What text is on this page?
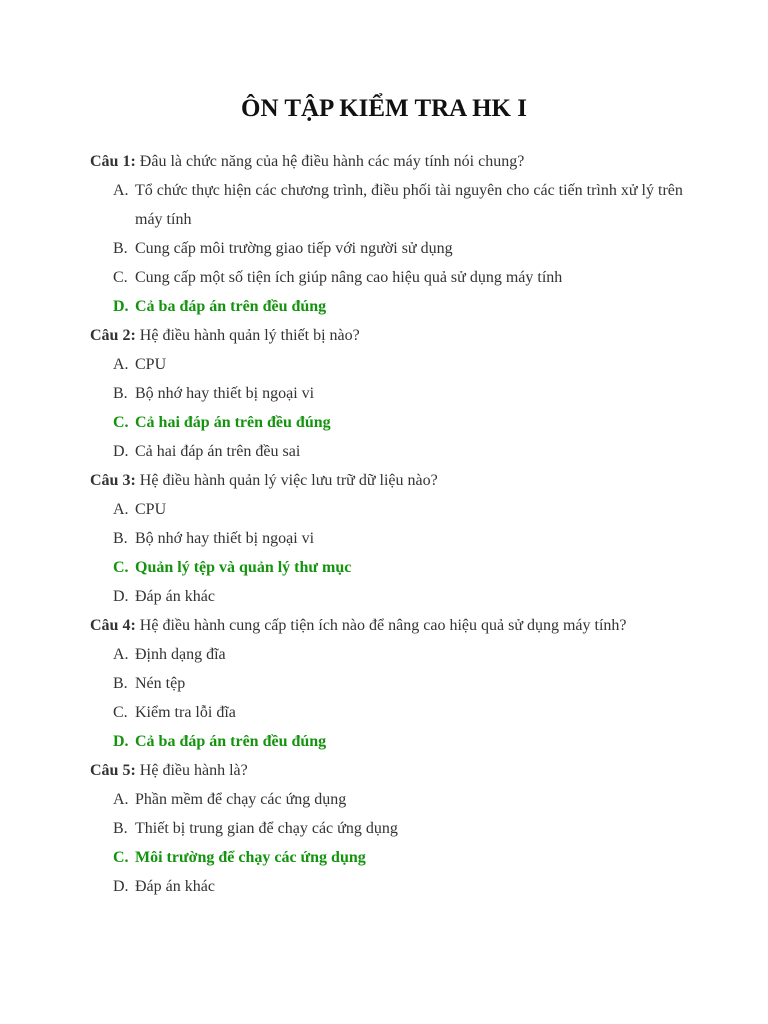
ÔN TẬP KIỂM TRA HK I

Câu 1: Đâu là chức năng của hệ điều hành các máy tính nói chung?

A. Tổ chức thực hiện các chương trình, điều phối tài nguyên cho các tiến trình xử lý trên máy tính
B. Cung cấp môi trường giao tiếp với người sử dụng
C. Cung cấp một số tiện ích giúp nâng cao hiệu quả sử dụng máy tính
D. Cả ba đáp án trên đều đúng

Câu 2: Hệ điều hành quản lý thiết bị nào?

A. CPU
B. Bộ nhớ hay thiết bị ngoại vi
C. Cả hai đáp án trên đều đúng
D. Cả hai đáp án trên đều sai

Câu 3: Hệ điều hành quản lý việc lưu trữ dữ liệu nào?

A. CPU
B. Bộ nhớ hay thiết bị ngoại vi
C. Quản lý tệp và quản lý thư mục
D. Đáp án khác

Câu 4: Hệ điều hành cung cấp tiện ích nào để nâng cao hiệu quả sử dụng máy tính?

A. Định dạng đĩa
B. Nén tệp
C. Kiểm tra lỗi đĩa
D. Cả ba đáp án trên đều đúng

Câu 5: Hệ điều hành là?

A. Phần mềm để chạy các ứng dụng
B. Thiết bị trung gian để chạy các ứng dụng
C. Môi trường để chạy các ứng dụng
D. Đáp án khác
